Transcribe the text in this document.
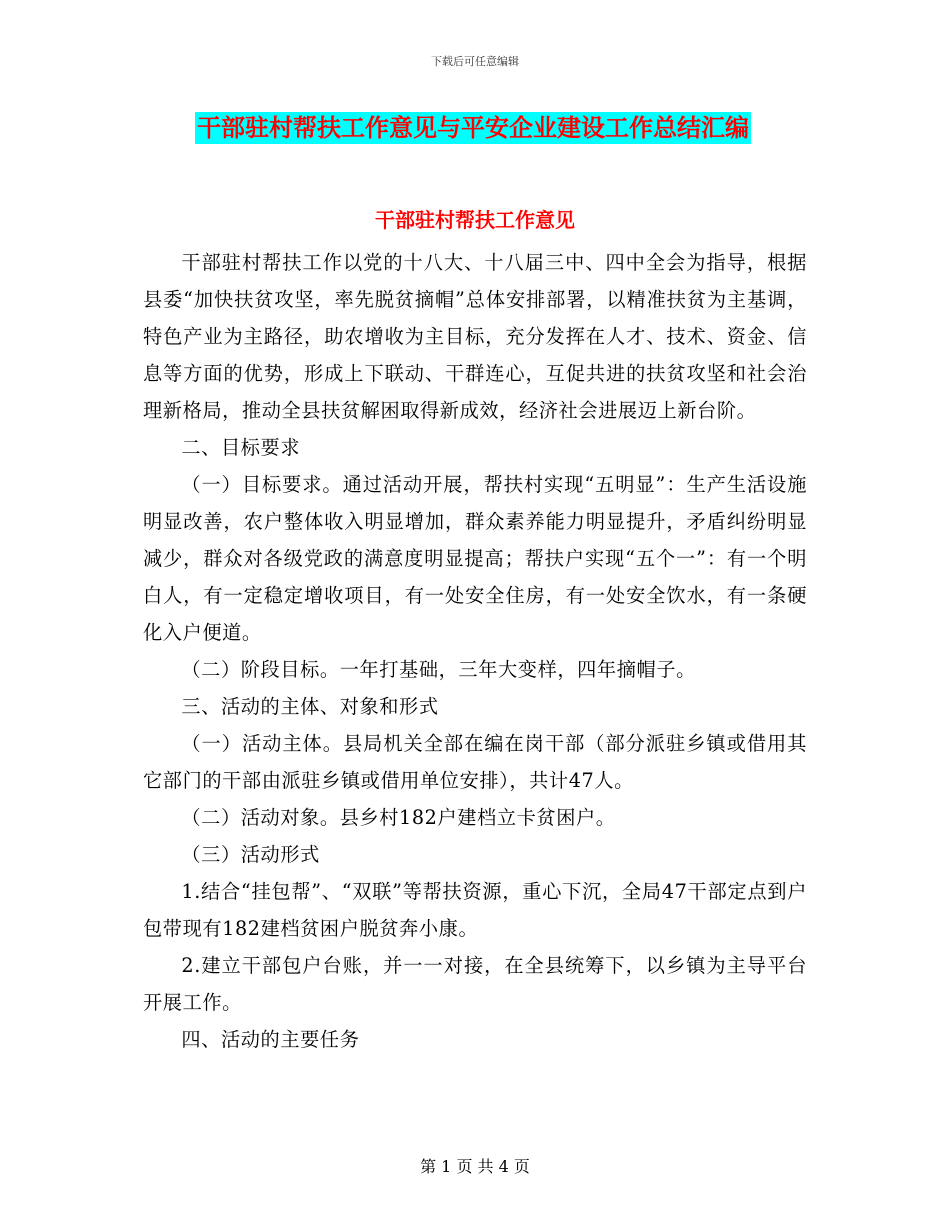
下载后可任意编辑
干部驻村帮扶工作意见与平安企业建设工作总结汇编
干部驻村帮扶工作意见

干部驻村帮扶工作以党的十八大、十八届三中、四中全会为指导，根据县委“加快扶贫攻坚，率先脱贫摘帽”总体安排部署，以精准扶贫为主基调，特色产业为主路径，助农增收为主目标，充分发挥在人才、技术、资金、信息等方面的优势，形成上下联动、干群连心，互促共进的扶贫攻坚和社会治理新格局，推动全县扶贫解困取得新成效，经济社会进展迈上新台阶。

二、目标要求

（一）目标要求。通过活动开展，帮扶村实现“五明显”：生产生活设施明显改善，农户整体收入明显增加，群众素养能力明显提升，矛盾纠纷明显减少，群众对各级党政的满意度明显提高；帮扶户实现“五个一”：有一个明白人，有一定稳定增收项目，有一处安全住房，有一处安全饮水，有一条硬化入户便道。

（二）阶段目标。一年打基础，三年大变样，四年摘帽子。

三、活动的主体、对象和形式

（一）活动主体。县局机关全部在编在岗干部（部分派驻乡镇或借用其它部门的干部由派驻乡镇或借用单位安排），共计47人。

（二）活动对象。县乡村182户建档立卡贫困户。

（三）活动形式

1.结合“挂包帮”、“双联”等帮扶资源，重心下沉，全局47干部定点到户包带现有182建档贫困户脱贫奔小康。

2.建立干部包户台账，并一一对接，在全县统筹下，以乡镇为主导平台开展工作。

四、活动的主要任务

第 1 页 共 4 页
